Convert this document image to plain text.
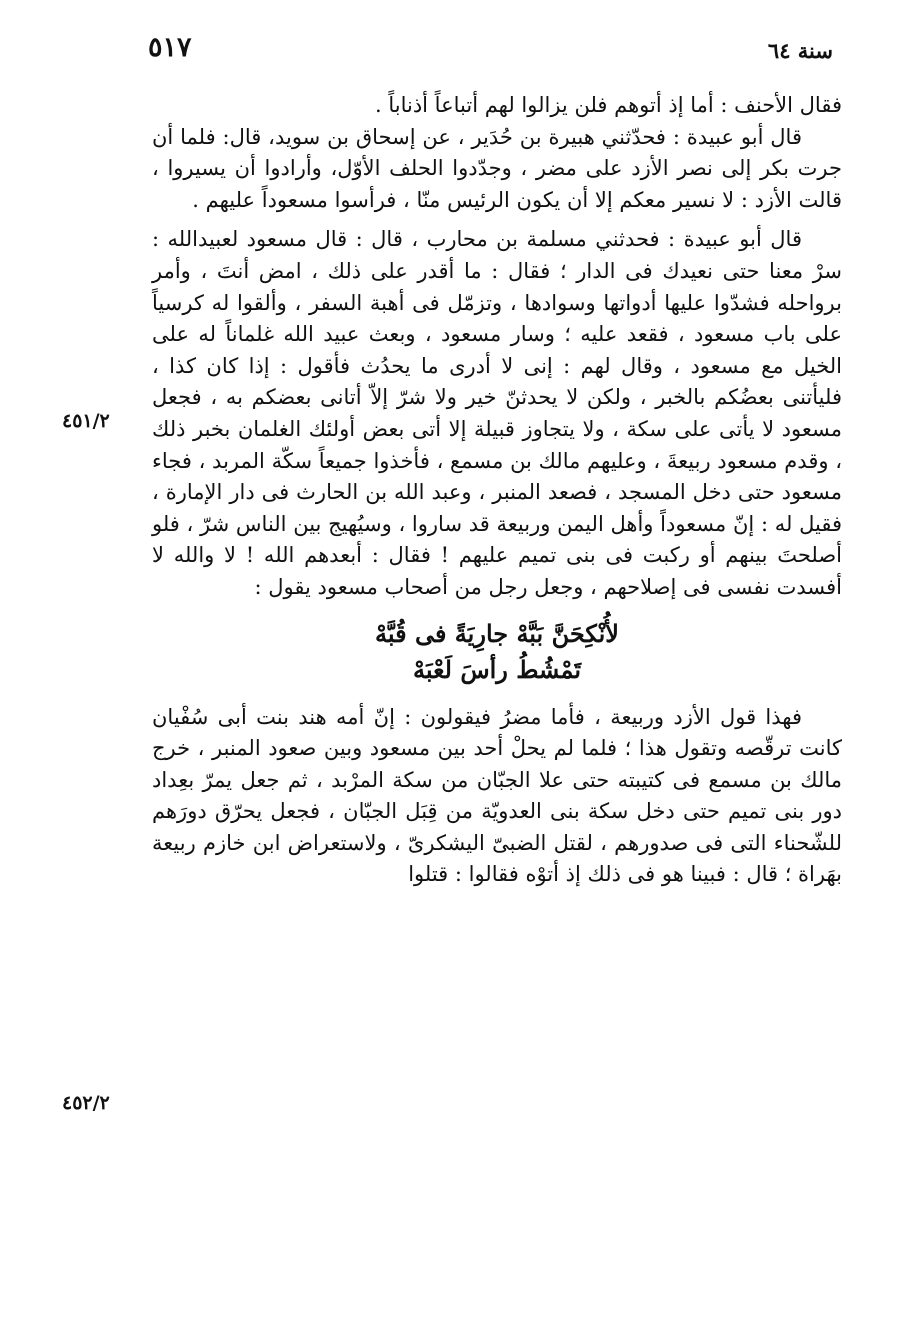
سنة ٦٤
٥١٧

فقال الأحنف : أما إذ أتوهم فلن يزالوا لهم أتباعاً أذناباً .

قال أبو عبيدة : فحدّثني هبيرة بن حُدَير ، عن إسحاق بن سويد، قال: فلما أن جرت بكر إلى نصر الأزد على مضر ، وجدّدوا الحلف الأوّل، وأرادوا أن يسيروا ، قالت الأزد : لا نسير معكم إلا أن يكون الرئيس منّا ، فرأسوا مسعوداً عليهم .

قال أبو عبيدة : فحدثني مسلمة بن محارب ، قال : قال مسعود لعبيدالله : سرْ معنا حتى نعيدك فى الدار ؛ فقال : ما أقدر على ذلك ، امض أنتَ ، وأمر برواحله فشدّوا عليها أدواتها وسوادها ، وتزمّل فى أهبة السفر ، وألقوا له كرسياً على باب مسعود ، فقعد عليه ؛ وسار مسعود ، وبعث عبيد الله غلماناً له على الخيل مع مسعود ، وقال لهم : إنى لا أدرى ما يحدُث فأقول : إذا كان كذا ، فليأتنى بعضُكم بالخبر ، ولكن لا يحدثنّ خير ولا شرّ إلاّ أتانى بعضكم به ، فجعل مسعود لا يأتى على سكة ، ولا يتجاوز قبيلة إلا أتى بعض أولئك الغلمان بخبر ذلك ، وقدم مسعود ربيعةَ ، وعليهم مالك بن مسمع ، فأخذوا جميعاً سكّة المربد ، فجاء مسعود حتى دخل المسجد ، فصعد المنبر ، وعبد الله بن الحارث فى دار الإمارة ، فقيل له : إنّ مسعوداً وأهل اليمن وربيعة قد ساروا ، وسيُهيج بين الناس شرّ ، فلو أصلحتَ بينهم أو ركبت فى بنى تميم عليهم ! فقال : أبعدهم الله ! لا والله لا أفسدت نفسى فى إصلاحهم ، وجعل رجل من أصحاب مسعود يقول :

لأُنْكِحَنَّ بَبَّهْ جارِيَةً فى قُبَّهْ
تَمْشُطُ رأسَ لَعْبَهْ

فهذا قول الأزد وربيعة ، فأما مضرُ فيقولون : إنّ أمه هند بنت أبى سُفْيان كانت ترقّصه وتقول هذا ؛ فلما لم يحلْ أحد بين مسعود وبين صعود المنبر ، خرج مالك بن مسمع فى كتيبته حتى علا الجبّان من سكة المرْبد ، ثم جعل يمرّ بعِداد دور بنى تميم حتى دخل سكة بنى العدويّة من قِبَل الجبّان ، فجعل يحرّق دورَهم للشّحناء التى فى صدورهم ، لقتل الضبىّ اليشكرىّ ، ولاستعراض ابن خازم ربيعة بهَراة ؛ قال : فبينا هو فى ذلك إذ أتوْه فقالوا : قتلوا

٤٥١/٢
٤٥٢/٢
